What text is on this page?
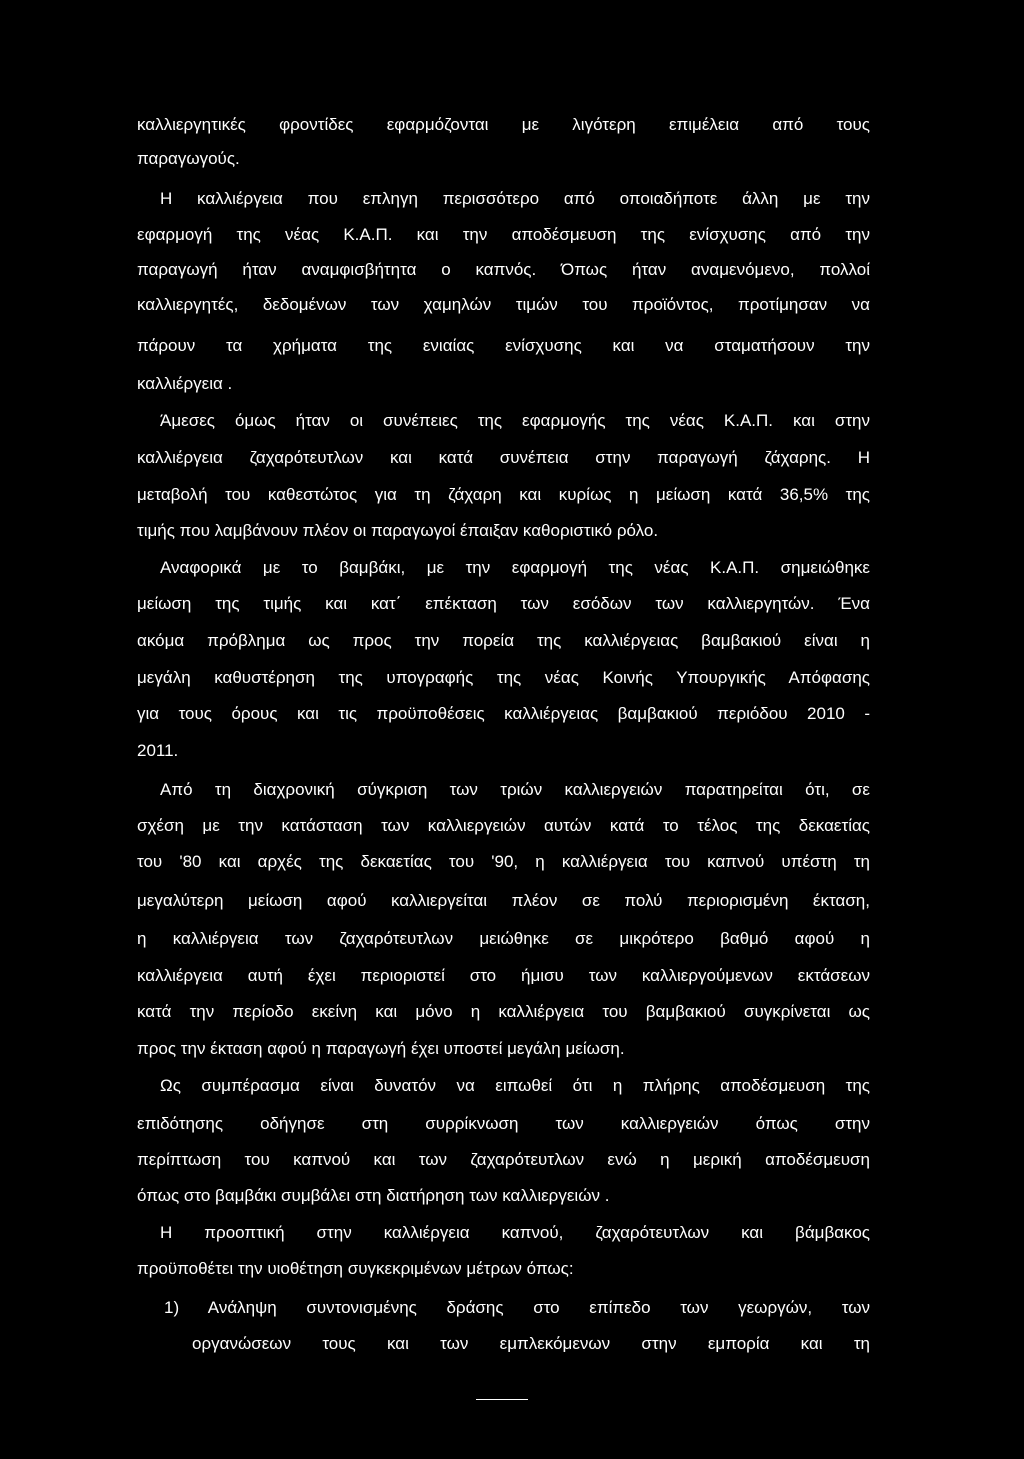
καλλιεργητικές φροντίδες εφαρμόζονται με λιγότερη επιμέλεια από τους
παραγωγούς.
Η καλλιέργεια που επληγη περισσότερο από οποιαδήποτε άλλη με την
εφαρμογή της νέας Κ.Α.Π. και την αποδέσμευση της ενίσχυσης από την
παραγωγή ήταν αναμφισβήτητα ο καπνός. Όπως ήταν αναμενόμενο, πολλοί
καλλιεργητές, δεδομένων των χαμηλών τιμών του προϊόντος, προτίμησαν να
πάρουν τα χρήματα της ενιαίας ενίσχυσης και να σταματήσουν την
καλλιέργεια .
Άμεσες όμως ήταν οι συνέπειες της εφαρμογής της νέας Κ.Α.Π. και στην
καλλιέργεια ζαχαρότευτλων και κατά συνέπεια στην παραγωγή ζάχαρης. Η
μεταβολή του καθεστώτος για τη ζάχαρη και κυρίως η μείωση κατά 36,5% της
τιμής που λαμβάνουν πλέον οι παραγωγοί έπαιξαν καθοριστικό ρόλο.
Αναφορικά με το βαμβάκι, με την εφαρμογή της νέας Κ.Α.Π. σημειώθηκε
μείωση της τιμής και κατ΄ επέκταση των εσόδων των καλλιεργητών. Ένα
ακόμα πρόβλημα ως προς την πορεία της καλλιέργειας βαμβακιού είναι η
μεγάλη καθυστέρηση της υπογραφής της νέας Κοινής Υπουργικής Απόφασης
για τους όρους και τις προϋποθέσεις καλλιέργειας βαμβακιού περιόδου 2010 -
2011.
Από τη διαχρονική σύγκριση των τριών καλλιεργειών παρατηρείται ότι, σε
σχέση με την κατάσταση των καλλιεργειών αυτών κατά το τέλος της δεκαετίας
του '80 και αρχές της δεκαετίας του '90, η καλλιέργεια του καπνού υπέστη τη
μεγαλύτερη μείωση αφού καλλιεργείται πλέον σε πολύ περιορισμένη έκταση,
η καλλιέργεια των ζαχαρότευτλων μειώθηκε σε μικρότερο βαθμό αφού η
καλλιέργεια αυτή έχει περιοριστεί στο ήμισυ των καλλιεργούμενων εκτάσεων
κατά την περίοδο εκείνη και μόνο η καλλιέργεια του βαμβακιού συγκρίνεται ως
προς την έκταση αφού η παραγωγή έχει υποστεί μεγάλη μείωση.
Ως συμπέρασμα είναι δυνατόν να ειπωθεί ότι η πλήρης αποδέσμευση της
επιδότησης οδήγησε στη συρρίκνωση των καλλιεργειών όπως στην
περίπτωση του καπνού και των ζαχαρότευτλων ενώ η μερική αποδέσμευση
όπως στο βαμβάκι συμβάλει στη διατήρηση των καλλιεργειών .
Η προοπτική στην καλλιέργεια καπνού, ζαχαρότευτλων και βάμβακος
προϋποθέτει την υιοθέτηση συγκεκριμένων μέτρων όπως:
1) Ανάληψη συντονισμένης δράσης στο επίπεδο των γεωργών, των
οργανώσεων τους και των εμπλεκόμενων στην εμπορία και τη
